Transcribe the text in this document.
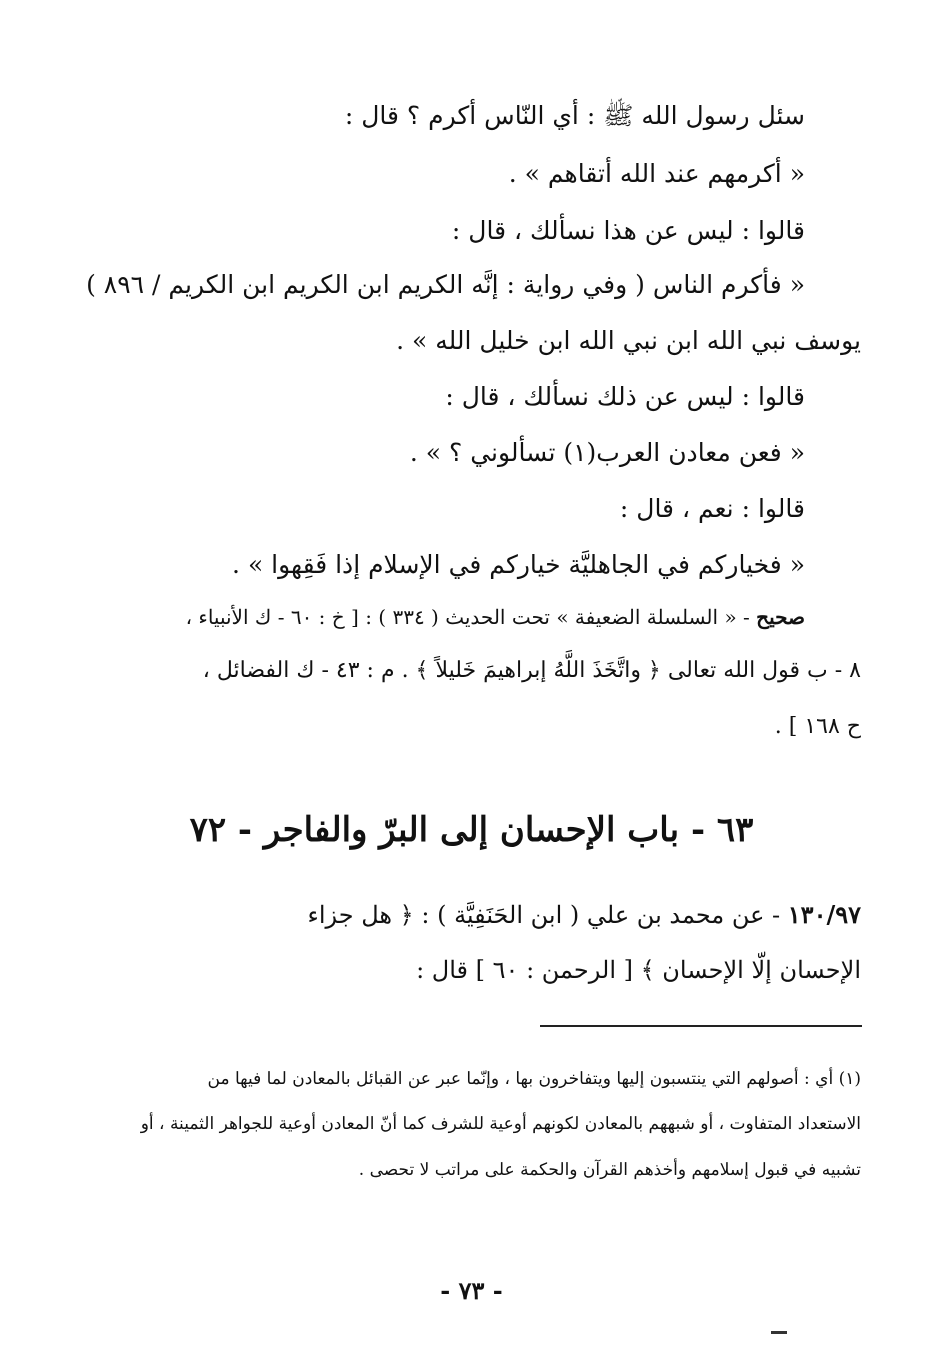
سئل رسول الله ﷺ : أي النّاس أكرم ؟ قال :
« أكرمهم عند الله أتقاهم » .
قالوا : ليس عن هذا نسألك ، قال :
« فأكرم الناس ( وفي رواية : إنَّه الكريم ابن الكريم ابن الكريم / ٨٩٦ )
يوسف نبي الله ابن نبي الله ابن خليل الله » .
قالوا : ليس عن ذلك نسألك ، قال :
« فعن معادن العرب(١) تسألوني ؟ » .
قالوا : نعم ، قال :
« فخياركم في الجاهليَّة خياركم في الإسلام إذا فَقِهوا » .
صحيح - « السلسلة الضعيفة » تحت الحديث ( ٣٣٤ ) : [ خ : ٦٠ - ك الأنبياء ،
٨ - ب قول الله تعالى ﴿ واتَّخَذَ اللَّهُ إبراهيمَ خَليلاً ﴾ . م : ٤٣ - ك الفضائل ،
ح ١٦٨ ] .
٦٣ - باب الإحسان إلى البرّ والفاجر - ٧٢
١٣٠/٩٧ - عن محمد بن علي ( ابن الحَنَفِيَّة ) : ﴿ هل جزاء
الإحسان إلّا الإحسان ﴾ [ الرحمن : ٦٠ ] قال :
(١) أي : أصولهم التي ينتسبون إليها ويتفاخرون بها ، وإنّما عبر عن القبائل بالمعادن لما فيها من
الاستعداد المتفاوت ، أو شبههم بالمعادن لكونهم أوعية للشرف كما أنّ المعادن أوعية للجواهر الثمينة ، أو
تشبيه في قبول إسلامهم وأخذهم القرآن والحكمة على مراتب لا تحصى .
- ٧٣ -
